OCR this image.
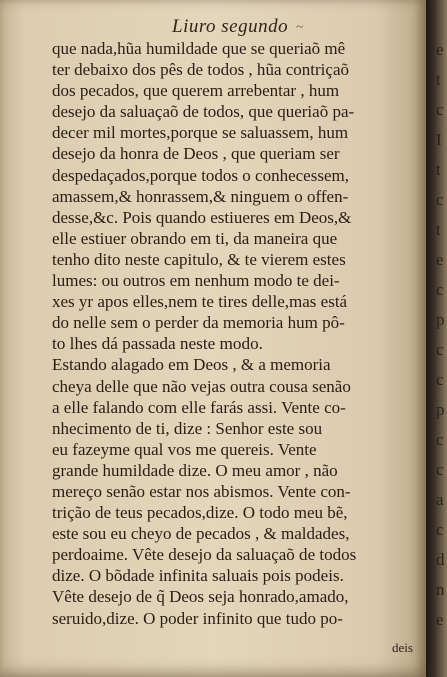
Liuro segundo ~
que nada,hũa humildade que se queriaõ mê
ter debaixo dos pês de todos , hũa contriçaõ
dos pecados, que querem arrebentar , hum
desejo da saluaçaõ de todos, que queriaõ pa-
decer mil mortes,porque se saluassem, hum
desejo da honra de Deos , que queriam ser
despedaçados,porque todos o conhecessem,
amassem,& honrassem,& ninguem o offen-
desse,&c. Pois quando estiueres em Deos,&
elle estiuer obrando em ti, da maneira que
tenho dito neste capitulo, & te vierem estes
lumes: ou outros em nenhum modo te dei-
xes yr apos elles,nem te tires delle,mas está
do nelle sem o perder da memoria hum pô-
to lhes dá passada neste modo.
Estando alagado em Deos , & a memoria
cheya delle que não vejas outra cousa senão
a elle falando com elle farás assi. Vente co-
nhecimento de ti, dize : Senhor este sou
eu fazeyme qual vos me quereis. Vente
grande humildade dize. O meu amor , não
mereço senão estar nos abismos. Vente con-
trição de teus pecados,dize. O todo meu bẽ,
este sou eu cheyo de pecados , & maldades,
perdoaime. Vête desejo da saluaçaõ de todos
dize. O bõdade infinita saluais pois podeis.
Vête desejo de q̃ Deos seja honrado,amado,
seruido,dize. O poder infinito que tudo po-
deis
e
t
c
I
t
c
t
e
c
p
c
c
p
c
c
a
c
d
n
e
